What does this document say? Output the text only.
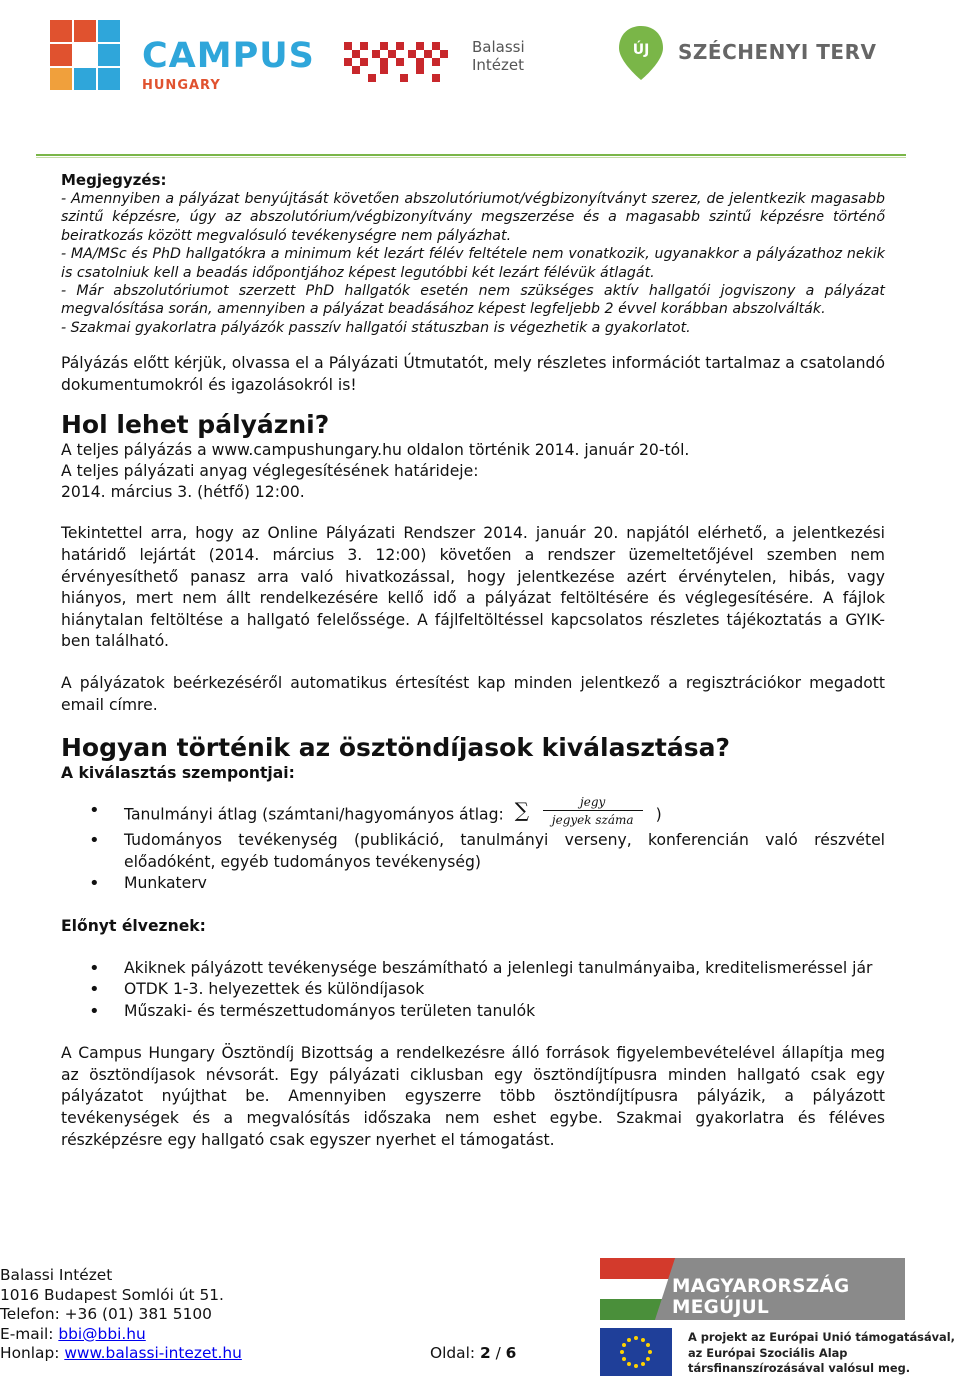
CAMPUS
HUNGARY
Balassi
Intézet
ÚJ SZÉCHENYI TERV

Megjegyzés:

- Amennyiben a pályázat benyújtását követően abszolutóriumot/végbizonyítványt szerez, de jelentkezik magasabb szintű képzésre, úgy az abszolutórium/végbizonyítvány megszerzése és a magasabb szintű képzésre történő beiratkozás között megvalósuló tevékenységre nem pályázhat.

- MA/MSc és PhD hallgatókra a minimum két lezárt félév feltétele nem vonatkozik, ugyanakkor a pályázathoz nekik is csatolniuk kell a beadás időpontjához képest legutóbbi két lezárt félévük átlagát.

- Már abszolutóriumot szerzett PhD hallgatók esetén nem szükséges aktív hallgatói jogviszony a pályázat megvalósítása során, amennyiben a pályázat beadásához képest legfeljebb 2 évvel korábban abszolválták.

- Szakmai gyakorlatra pályázók passzív hallgatói státuszban is végezhetik a gyakorlatot.

Pályázás előtt kérjük, olvassa el a Pályázati Útmutatót, mely részletes információt tartalmaz a csatolandó dokumentumokról és igazolásokról is!

Hol lehet pályázni?

A teljes pályázás a www.campushungary.hu oldalon történik 2014. január 20-tól.

A teljes pályázati anyag véglegesítésének határideje:

2014. március 3. (hétfő) 12:00.

Tekintettel arra, hogy az Online Pályázati Rendszer 2014. január 20. napjától elérhető, a jelentkezési határidő lejártát (2014. március 3. 12:00) követően a rendszer üzemeltetőjével szemben nem érvényesíthető panasz arra való hivatkozással, hogy jelentkezése azért érvénytelen, hibás, vagy hiányos, mert nem állt rendelkezésére kellő idő a pályázat feltöltésére és véglegesítésére. A fájlok hiánytalan feltöltése a hallgató felelőssége. A fájlfeltöltéssel kapcsolatos részletes tájékoztatás a GYIK-ben található.

A pályázatok beérkezéséről automatikus értesítést kap minden jelentkező a regisztrációkor megadott email címre.

Hogyan történik az ösztöndíjasok kiválasztása?

A kiválasztás szempontjai:

• Tanulmányi átlag (számtani/hagyományos átlag: ∑	jegy
jegyek száma	)
• Tudományos tevékenység (publikáció, tanulmányi verseny, konferencián való részvétel előadóként, egyéb tudományos tevékenység)
• Munkaterv

Előnyt élveznek:

• Akiknek pályázott tevékenysége beszámítható a jelenlegi tanulmányaiba, kreditelismeréssel jár
• OTDK 1-3. helyezettek és különdíjasok
• Műszaki- és természettudományos területen tanulók

A Campus Hungary Ösztöndíj Bizottság a rendelkezésre álló források figyelembevételével állapítja meg az ösztöndíjasok névsorát. Egy pályázati ciklusban egy ösztöndíjtípusra minden hallgató csak egy pályázatot nyújthat be. Amennyiben egyszerre több ösztöndíjtípusra pályázik, a pályázott tevékenységek és a megvalósítás időszaka nem eshet egybe. Szakmai gyakorlatra és féléves részképzésre egy hallgató csak egyszer nyerhet el támogatást.

Balassi Intézet
1016 Budapest Somlói út 51.
Telefon: +36 (01) 381 5100
E-mail: bbi@bbi.hu
Honlap: www.balassi-intezet.hu	Oldal: 2 / 6
MAGYARORSZÁG MEGÚJUL
A projekt az Európai Unió támogatásával,
az Európai Szociális Alap
társfinanszírozásával valósul meg.
